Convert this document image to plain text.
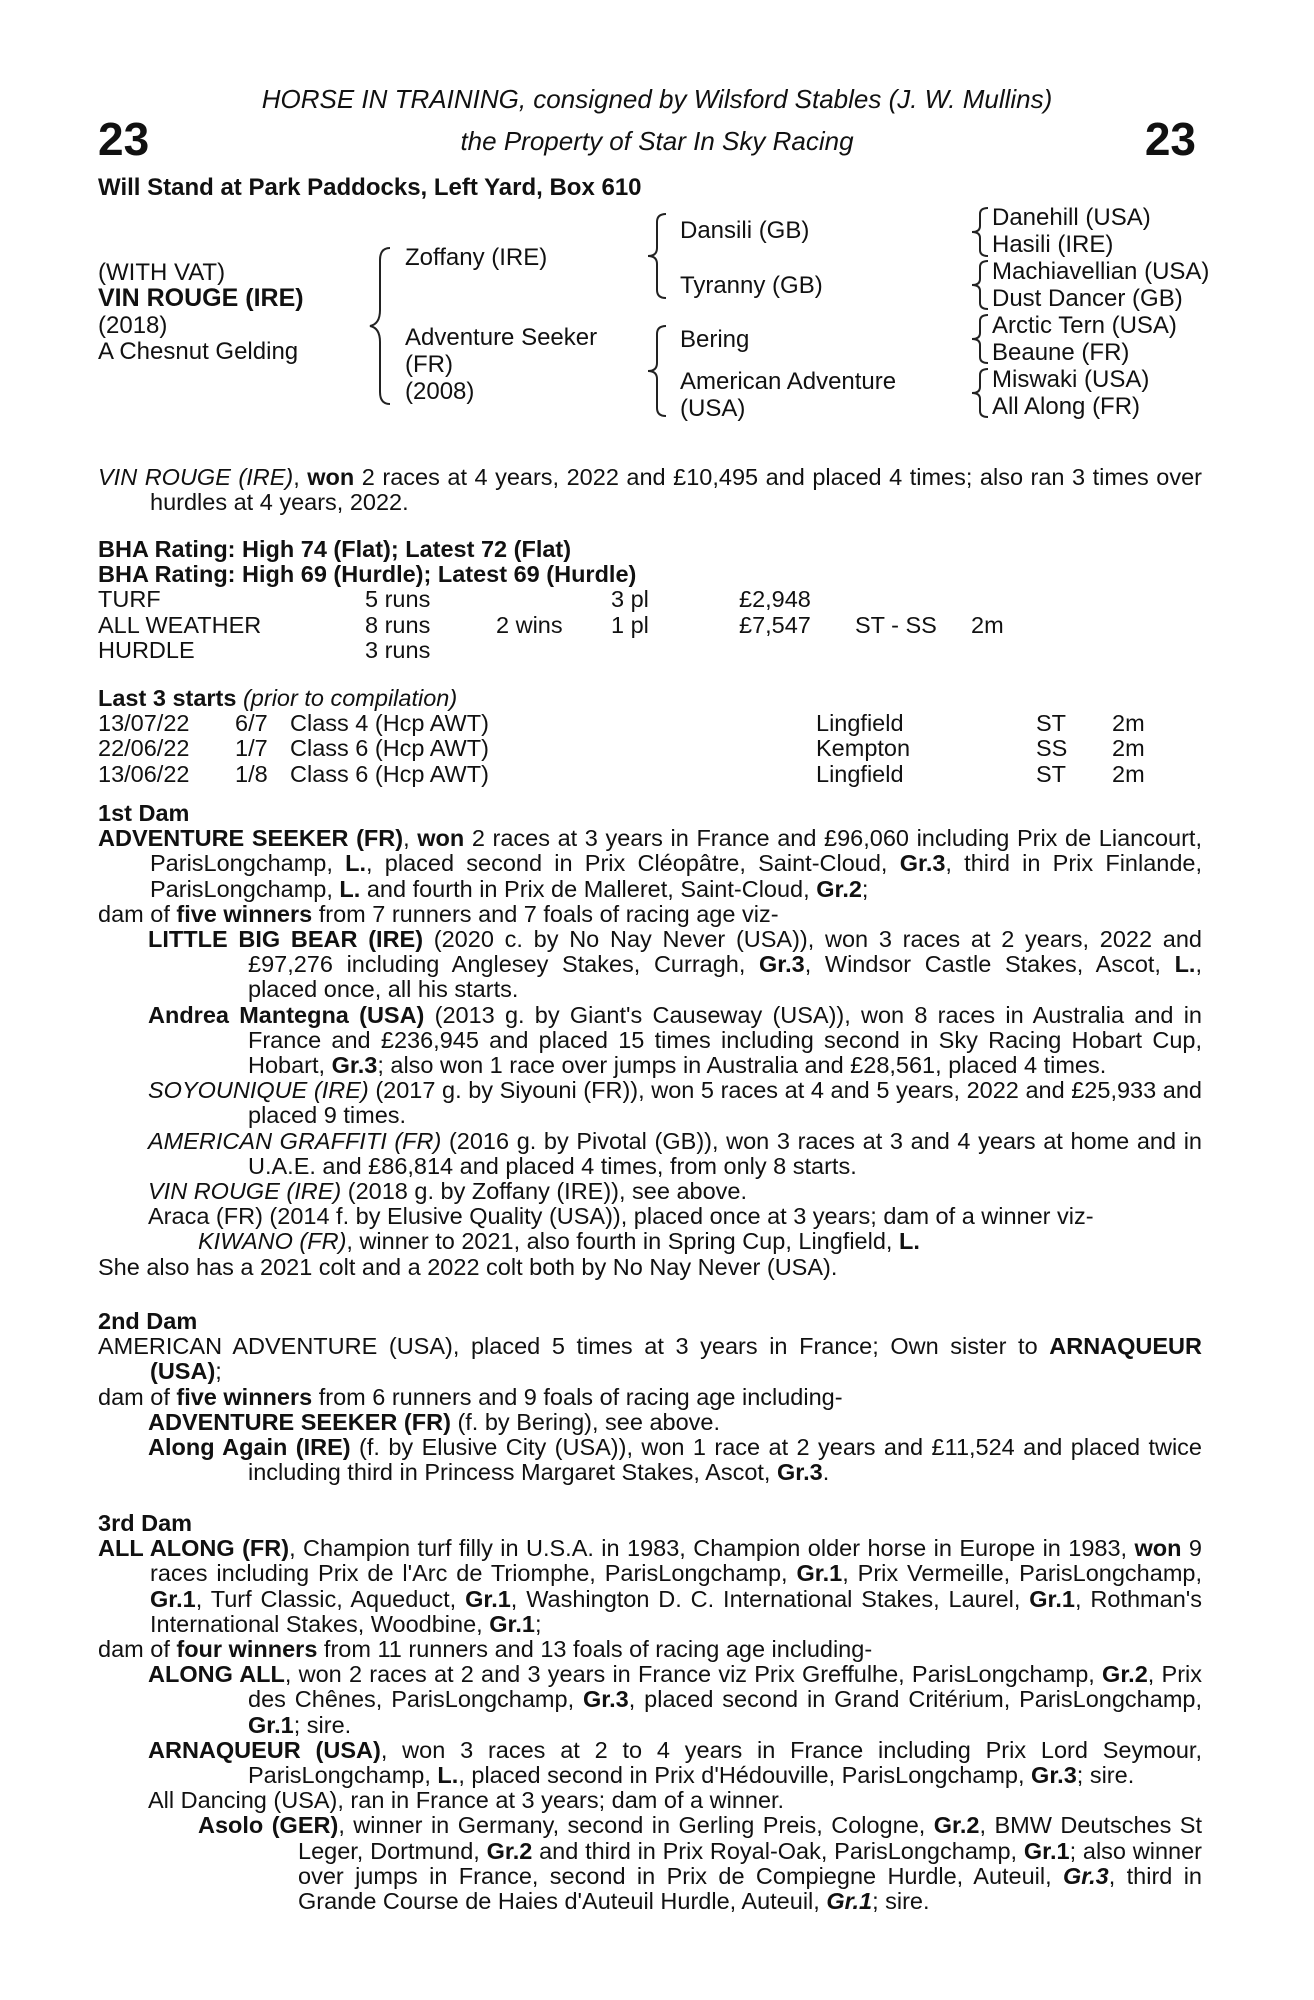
23	23
HORSE IN TRAINING, consigned by Wilsford Stables (J. W. Mullins)
the Property of Star In Sky Racing
Will Stand at Park Paddocks, Left Yard, Box 610
(WITH VAT)
VIN ROUGE (IRE)
(2018)
A Chesnut Gelding
Zoffany (IRE)
Adventure Seeker
(FR)
(2008)
Dansili (GB)
Tyranny (GB)
Bering
American Adventure
(USA)
Danehill (USA)
Hasili (IRE)
Machiavellian (USA)
Dust Dancer (GB)
Arctic Tern (USA)
Beaune (FR)
Miswaki (USA)
All Along (FR)

VIN ROUGE (IRE), won 2 races at 4 years, 2022 and £10,495 and placed 4 times; also ran 3 times over hurdles at 4 years, 2022.

BHA Rating: High 74 (Flat); Latest 72 (Flat)

BHA Rating: High 69 (Hurdle); Latest 69 (Hurdle)

TURF	5 runs		3 pl	£2,948		
ALL WEATHER	8 runs	2 wins	1 pl	£7,547	ST - SS	2m
HURDLE	3 runs					

Last 3 starts (prior to compilation)

13/07/22	6/7	Class 4 (Hcp AWT)	Lingfield	ST	2m
22/06/22	1/7	Class 6 (Hcp AWT)	Kempton	SS	2m
13/06/22	1/8	Class 6 (Hcp AWT)	Lingfield	ST	2m

1st Dam

ADVENTURE SEEKER (FR), won 2 races at 3 years in France and £96,060 including Prix de Liancourt, ParisLongchamp, L., placed second in Prix Cléopâtre, Saint-Cloud, Gr.3, third in Prix Finlande, ParisLongchamp, L. and fourth in Prix de Malleret, Saint-Cloud, Gr.2;

dam of five winners from 7 runners and 7 foals of racing age viz-

LITTLE BIG BEAR (IRE) (2020 c. by No Nay Never (USA)), won 3 races at 2 years, 2022 and £97,276 including Anglesey Stakes, Curragh, Gr.3, Windsor Castle Stakes, Ascot, L., placed once, all his starts.

Andrea Mantegna (USA) (2013 g. by Giant's Causeway (USA)), won 8 races in Australia and in France and £236,945 and placed 15 times including second in Sky Racing Hobart Cup, Hobart, Gr.3; also won 1 race over jumps in Australia and £28,561, placed 4 times.

SOYOUNIQUE (IRE) (2017 g. by Siyouni (FR)), won 5 races at 4 and 5 years, 2022 and £25,933 and placed 9 times.

AMERICAN GRAFFITI (FR) (2016 g. by Pivotal (GB)), won 3 races at 3 and 4 years at home and in U.A.E. and £86,814 and placed 4 times, from only 8 starts.

VIN ROUGE (IRE) (2018 g. by Zoffany (IRE)), see above.

Araca (FR) (2014 f. by Elusive Quality (USA)), placed once at 3 years; dam of a winner viz-

KIWANO (FR), winner to 2021, also fourth in Spring Cup, Lingfield, L.

She also has a 2021 colt and a 2022 colt both by No Nay Never (USA).

2nd Dam

AMERICAN ADVENTURE (USA), placed 5 times at 3 years in France; Own sister to ARNAQUEUR (USA);

dam of five winners from 6 runners and 9 foals of racing age including-

ADVENTURE SEEKER (FR) (f. by Bering), see above.

Along Again (IRE) (f. by Elusive City (USA)), won 1 race at 2 years and £11,524 and placed twice including third in Princess Margaret Stakes, Ascot, Gr.3.

3rd Dam

ALL ALONG (FR), Champion turf filly in U.S.A. in 1983, Champion older horse in Europe in 1983, won 9 races including Prix de l'Arc de Triomphe, ParisLongchamp, Gr.1, Prix Vermeille, ParisLongchamp, Gr.1, Turf Classic, Aqueduct, Gr.1, Washington D. C. International Stakes, Laurel, Gr.1, Rothman's International Stakes, Woodbine, Gr.1;

dam of four winners from 11 runners and 13 foals of racing age including-

ALONG ALL, won 2 races at 2 and 3 years in France viz Prix Greffulhe, ParisLongchamp, Gr.2, Prix des Chênes, ParisLongchamp, Gr.3, placed second in Grand Critérium, ParisLongchamp, Gr.1; sire.

ARNAQUEUR (USA), won 3 races at 2 to 4 years in France including Prix Lord Seymour, ParisLongchamp, L., placed second in Prix d'Hédouville, ParisLongchamp, Gr.3; sire.

All Dancing (USA), ran in France at 3 years; dam of a winner.

Asolo (GER), winner in Germany, second in Gerling Preis, Cologne, Gr.2, BMW Deutsches St Leger, Dortmund, Gr.2 and third in Prix Royal-Oak, ParisLongchamp, Gr.1; also winner over jumps in France, second in Prix de Compiegne Hurdle, Auteuil, Gr.3, third in Grande Course de Haies d'Auteuil Hurdle, Auteuil, Gr.1; sire.
